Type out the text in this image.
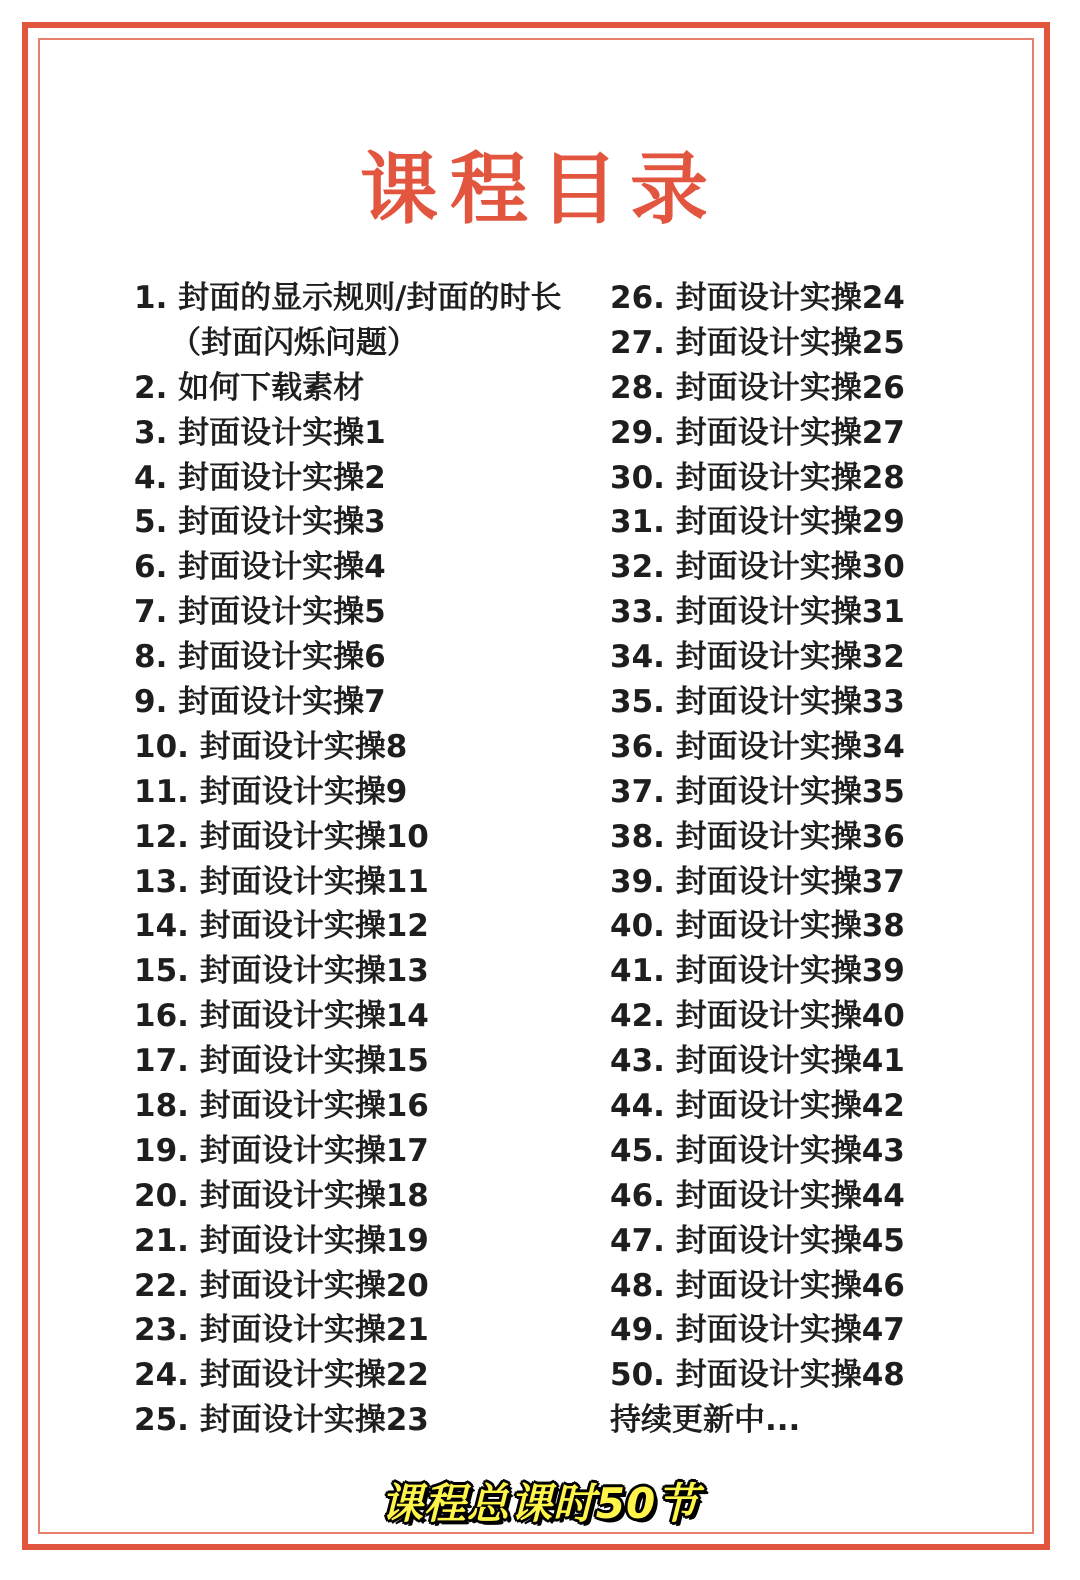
课程目录
1. 封面的显示规则/封面的时长
（封面闪烁问题）
2. 如何下载素材
3. 封面设计实操1
4. 封面设计实操2
5. 封面设计实操3
6. 封面设计实操4
7. 封面设计实操5
8. 封面设计实操6
9. 封面设计实操7
10. 封面设计实操8
11. 封面设计实操9
12. 封面设计实操10
13. 封面设计实操11
14. 封面设计实操12
15. 封面设计实操13
16. 封面设计实操14
17. 封面设计实操15
18. 封面设计实操16
19. 封面设计实操17
20. 封面设计实操18
21. 封面设计实操19
22. 封面设计实操20
23. 封面设计实操21
24. 封面设计实操22
25. 封面设计实操23
26. 封面设计实操24
27. 封面设计实操25
28. 封面设计实操26
29. 封面设计实操27
30. 封面设计实操28
31. 封面设计实操29
32. 封面设计实操30
33. 封面设计实操31
34. 封面设计实操32
35. 封面设计实操33
36. 封面设计实操34
37. 封面设计实操35
38. 封面设计实操36
39. 封面设计实操37
40. 封面设计实操38
41. 封面设计实操39
42. 封面设计实操40
43. 封面设计实操41
44. 封面设计实操42
45. 封面设计实操43
46. 封面设计实操44
47. 封面设计实操45
48. 封面设计实操46
49. 封面设计实操47
50. 封面设计实操48
持续更新中...
课程总课时50节
